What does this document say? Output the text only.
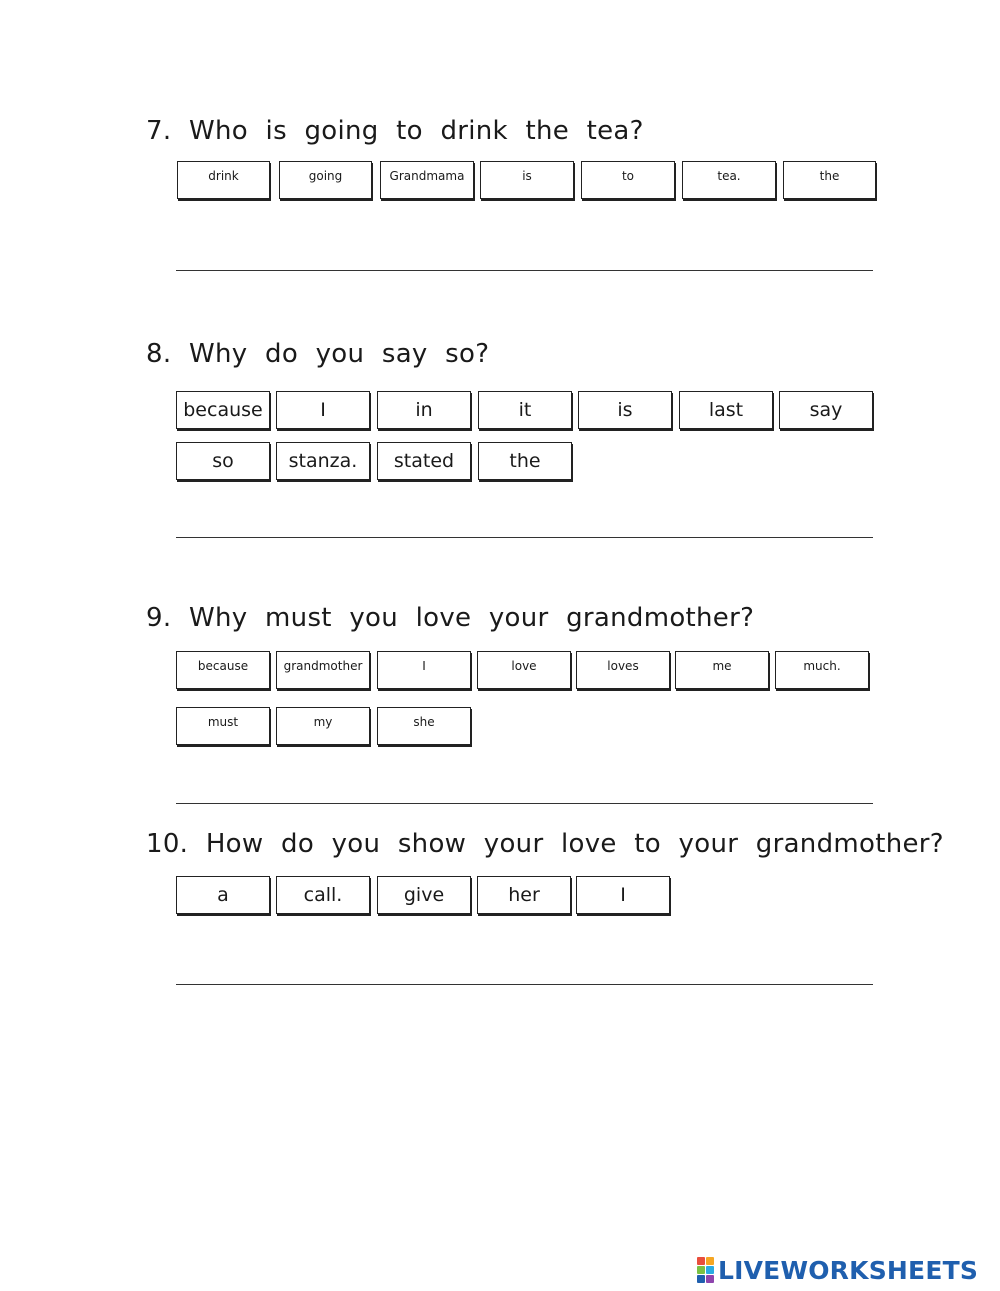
7. Who is going to drink the tea?
drink	going	Grandmama	is	to	tea.	the
8. Why do you say so?
because	I	in	it	is	last	say
so	stanza.	stated	the
9. Why must you love your grandmother?
because	grandmother	I	love	loves	me	much.
must	my	she
10. How do you show your love to your grandmother?
a	call.	give	her	I
LIVEWORKSHEETS
